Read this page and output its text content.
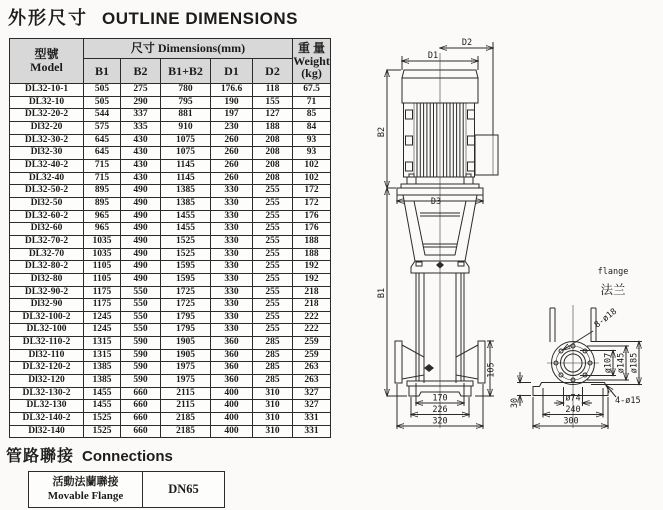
外形尺寸 OUTLINE DIMENSIONS
型號
Model
	尺寸 Dimensions(mm)	重 量
Weight
(kg)

	B1	B2	B1+B2	D1	D2	
DL32-10-1	505	275	780	176.6	118	67.5
DL32-10	505	290	795	190	155	71
DL32-20-2	544	337	881	197	127	85
Dl32-20	575	335	910	230	188	84
DL32-30-2	645	430	1075	260	208	93
Dl32-30	645	430	1075	260	208	93
DL32-40-2	715	430	1145	260	208	102
DL32-40	715	430	1145	260	208	102
DL32-50-2	895	490	1385	330	255	172
Dl32-50	895	490	1385	330	255	172
DL32-60-2	965	490	1455	330	255	176
Dl32-60	965	490	1455	330	255	176
DL32-70-2	1035	490	1525	330	255	188
DL32-70	1035	490	1525	330	255	188
DL32-80-2	1105	490	1595	330	255	192
Dl32-80	1105	490	1595	330	255	192
DL32-90-2	1175	550	1725	330	255	218
Dl32-90	1175	550	1725	330	255	218
DL32-100-2	1245	550	1795	330	255	222
DL32-100	1245	550	1795	330	255	222
DL32-110-2	1315	590	1905	360	285	259
Dl32-110	1315	590	1905	360	285	259
DL32-120-2	1385	590	1975	360	285	263
Dl32-120	1385	590	1975	360	285	263
DL32-130-2	1455	660	2115	400	310	327
DL32-130	1455	660	2115	400	310	327
DL32-140-2	1525	660	2185	400	310	331
Dl32-140	1525	660	2185	400	310	331
管路聯接 Connections
活動法蘭聯接
Movable Flange	DN65
D2
D1
B2
B1
D3
105
170
226
320
flange
法兰
ø107 ø145 ø185
8-ø18
30	ø74
240
300
4-ø15
